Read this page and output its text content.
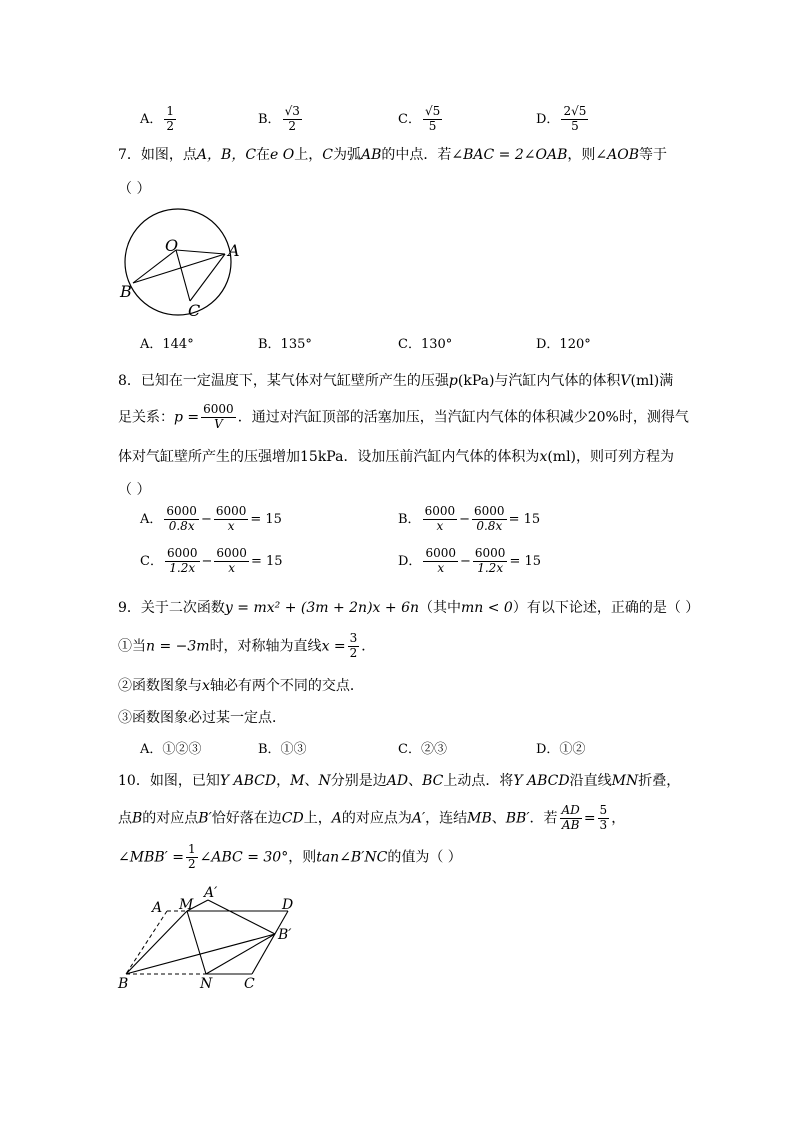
A． $\frac{1}{2}$	B． $\frac{√3}{2}$	C． $\frac{√5}{5}$	D． $\frac{2√5}{5}$
7．如图，点A，B，C在e O上，C为弧AB的中点．若∠BAC = 2∠OAB，则∠AOB等于
（ ）
O	A
B
C
A．144°	B．135°	C．130°	D．120°
8．已知在一定温度下，某气体对气缸壁所产生的压强p(kPa)与汽缸内气体的体积V(ml)满
足关系：$p = \frac{6000}{V}$ ．通过对汽缸顶部的活塞加压，当汽缸内气体的体积减少20%时，测得气
体对气缸壁所产生的压强增加15kPa．设加压前汽缸内气体的体积为x(ml)，则可列方程为
（ ）
A． $\frac{6000}{0.8x} - \frac{6000}{x} = 15$	B． $\frac{6000}{x} - \frac{6000}{0.8x} = 15$
C． $\frac{6000}{1.2x} - \frac{6000}{x} = 15$	D． $\frac{6000}{x} - \frac{6000}{1.2x} = 15$
9．关于二次函数y = mx² + (3m + 2n)x + 6n（其中mn < 0）有以下论述，正确的是（ ）
①当n = −3m时，对称轴为直线$x = \frac{3}{2}$ ．
②函数图象与x轴必有两个不同的交点．
③函数图象必过某一定点．
A．①②③	B．①③	C．②③	D．①②
10．如图，已知Y ABCD，M、N分别是边AD、BC上动点．将Y ABCD沿直线MN折叠，
点B的对应点B′恰好落在边CD上，A的对应点为A′，连结MB、BB′．若 $\frac{AD}{AB} = \frac{5}{3}$ ，
∠MBB′ = $\frac{1}{2}$ ∠ABC = 30°，则tan∠B′NC的值为（ ）
A M
A′
D
B′
B	N C
